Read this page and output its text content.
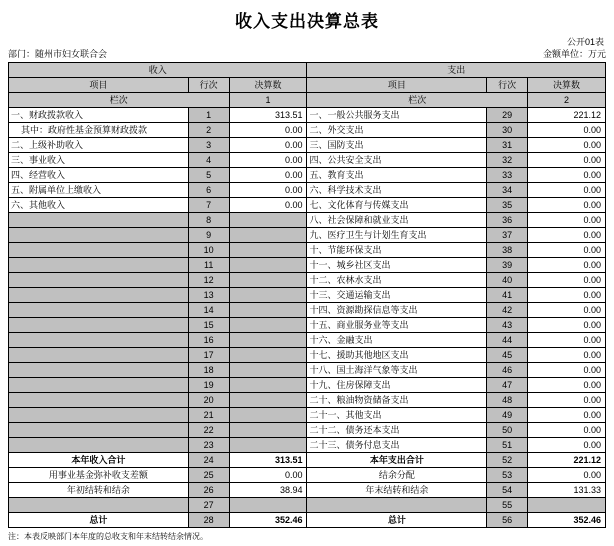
收入支出决算总表
公开01表
部门：随州市妇女联合会	金额单位：万元
收入			支出		
项目	行次	决算数	项目	行次	决算数
栏次		1	栏次		2
一、财政拨款收入	1	313.51	一、一般公共服务支出	29	221.12
其中：政府性基金预算财政拨款	2	0.00	二、外交支出	30	0.00
二、上级补助收入	3	0.00	三、国防支出	31	0.00
三、事业收入	4	0.00	四、公共安全支出	32	0.00
四、经营收入	5	0.00	五、教育支出	33	0.00
五、附属单位上缴收入	6	0.00	六、科学技术支出	34	0.00
六、其他收入	7	0.00	七、文化体育与传媒支出	35	0.00
	8		八、社会保障和就业支出	36	0.00
	9		九、医疗卫生与计划生育支出	37	0.00
	10		十、节能环保支出	38	0.00
	11		十一、城乡社区支出	39	0.00
	12		十二、农林水支出	40	0.00
	13		十三、交通运输支出	41	0.00
	14		十四、资源勘探信息等支出	42	0.00
	15		十五、商业服务业等支出	43	0.00
	16		十六、金融支出	44	0.00
	17		十七、援助其他地区支出	45	0.00
	18		十八、国土海洋气象等支出	46	0.00
	19		十九、住房保障支出	47	0.00
	20		二十、粮油物资储备支出	48	0.00
	21		二十一、其他支出	49	0.00
	22		二十二、债务还本支出	50	0.00
	23		二十三、债务付息支出	51	0.00
本年收入合计	24	313.51	本年支出合计	52	221.12
用事业基金弥补收支差额	25	0.00	结余分配	53	0.00
年初结转和结余	26	38.94	年末结转和结余	54	131.33
	27			55	
总计	28	352.46	总计	56	352.46
注：本表反映部门本年度的总收支和年末结转结余情况。
